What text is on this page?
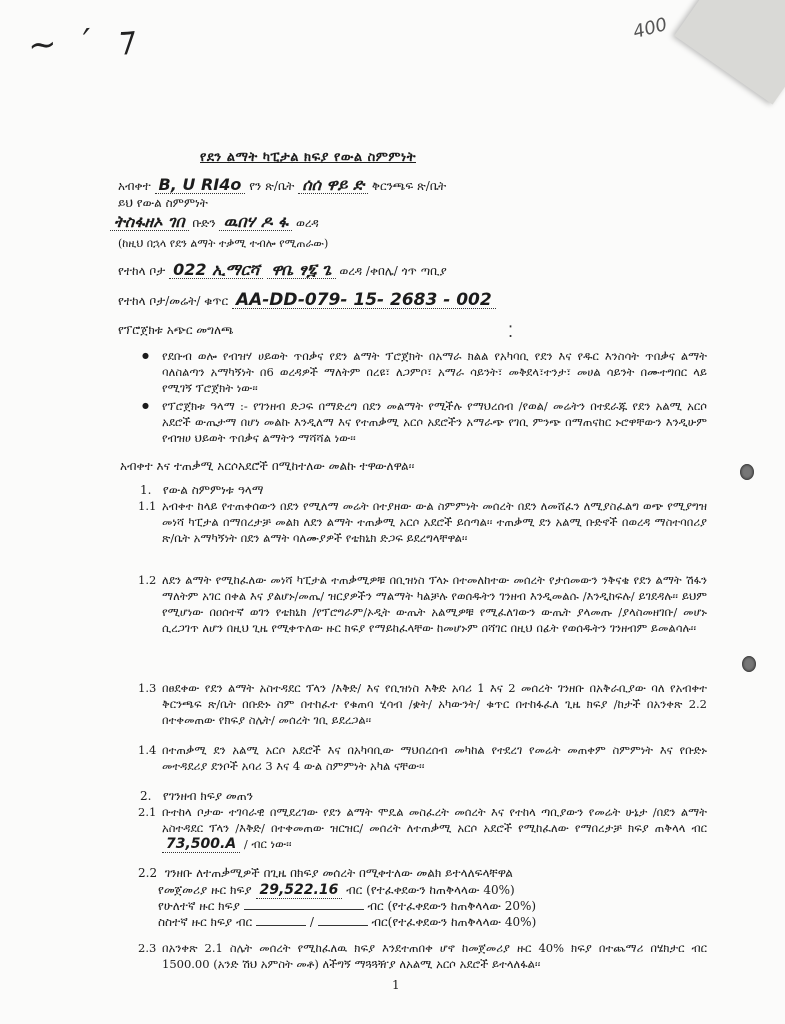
~ ′ ⁊	400
የደን ልማት ካፒታል ክፍያ የውል ስምምነት
አብቀተ B, U RI4o የን ጽ/ቤት ሰሰ ዋይ ድ ቅርንጫፍ ጽ/ቤት
ይህ የውል ስምምነት
ትስፋዘኦ ገበ ቡድን ዉበሃ ዶ ፋ ወረዳ
(ከዚህ በኋላ የደን ልማት ተቃሚ ተብሎ የሚጠራው)
የተከላ ቦታ 022 ኢማርሻ ዋቤ ፃ፯ ጌ ወረዳ /ቀበሌ/ ጎጥ ጣቢያ
የተከላ ቦታ/መሬት/ ቁጥር AA-DD-079- 15- 2683 - 002
የፕሮጀክቱ አጭር መግለጫ	⁚
● የደቡብ ወሎ የብዝሃ ሀይወት ጥበቃና የደን ልማት ፕሮጀክት በአማራ ክልል የአካባቢ የደን እና የዱር እንስሳት ጥበቃና ልማት ባለስልጣን አማካኝነት በ6 ወረዳዎች ማለትም በረዩ፣ ለጋምቦ፣ አማራ ሳይንት፣ መቅደላ፣ተንታ፣ መሀል ሳይንት በሙተግበር ላይ የሚገኝ ፕሮጀክት ነው፡፡
● የፕሮጀክቱ ዓላማ :- የገንዘብ ድጋፍ በማድረግ በደን መልማት የሚችሉ የማህረሰብ /የወል/ መሬትን በተደራጁ የደን አልሚ አርሶ አደሮች ውጤታማ በሆነ መልኩ እንዲለማ እና የተጠቃሚ አርሶ አደሮችን አማራጭ የገቢ ምንጭ በማጠናከር ኑሮዋቸውን እንዲሁም የብዝሀ ህይወት ጥበቃና ልማትን ማሻሻል ነው፡፡
አብቀተ እና ተጠቃሚ አርሶአደሮች በሚከተለው መልኩ ተዋውለዋል፡፡
1. የውል ስምምነቱ ዓላማ
1.1 አብቀተ ከላይ የተጠቀሰውን በደን የሚለማ መሬት በተያዘው ውል ስምምነት መሰረት በደን ለመሸፈን ለሚያስፈልግ ወጭ የሚያግዝ መነሻ ካፒታል በማበረታቻ መልክ ለደን ልማት ተጠቃሚ አርሶ አደሮች ይሰጣል፡፡ ተጠቃሚ ደን አልሚ ቡድኖች በወረዳ ማስተባበሪያ ጽ/ቤት አማካኝነት በደን ልማት ባለሙያዎች የቴክኒክ ድጋፍ ይደረግላቸዋል፡፡
1.2 ለደን ልማት የሚከፈለው መነሻ ካፒታል ተጠቃሚዎቹ በቢዝነስ ፕላኑ በተመለከተው መሰረት የታሰመውን ንቅናቄ የደን ልማት ሽፋን ማለትም አገር በቀል እና ያልሆኑ/መጤ/ ዝርያዎችን ማልማት ካልቻሉ የወሰዱትን ገንዘብ እንዲመልሱ /እንዲከፍሉ/ ይገደዳሉ፡፡ ይህም የሚሆነው በዐሰተኛ ወገን የቴክኒክ /የፕሮግራም/ኦዲት ውጤት አልሚዎቹ የሚፈለገውን ውጤት ያላመጡ /ያላስመዘገቡ/ መሆኑ ሲረጋገጥ ለሆን በዚህ ጊዜ የሚቀጥለው ዙር ክፍያ የማይከፈላቸው ከመሆኑም በሻገር በዚህ በፊት የወሰዱትን ገንዘብም ይመልሳሉ፡፡
1.3 በፀደቀው የደን ልማት አስተዳደር ፕላን /እቅድ/ እና የቢዝነስ እቅድ አባሪ 1 እና 2 መሰረት ገንዘቡ በአቅራቢያው ባለ የአብቀተ ቅርንጫፍ ጽ/ቤት በቡድኑ ስም በተከፈተ የቁጠባ ሂሳብ /ቋት/ አካውንት/ ቁጥር በተከፋፈለ ጊዜ ክፍያ /ከታች በአንቀጽ 2.2 በተቀመጠው የክፍያ ስሌት/ መሰረት ገቢ ይደረጋል፡፡
1.4 በተጠቃሚ ደን አልሚ አርሶ አደሮች እና በአካባቢው ማህበረሰብ መካከል የተደረገ የመሬት መጠቀም ስምምነት እና የቡድኑ መተዳደሪያ ደንቦች አባሪ 3 እና 4 ውል ስምምነት አካል ናቸው፡፡
2. የገንዘብ ክፍያ መጠን
2.1 ቡተከላ ቦታው ተገባራዊ በሚደረገው የደን ልማት ሞዴል መስፈረት መሰረት እና የተከላ ጣቢያውን የመሬት ሁኔታ /በደን ልማት አስተዳደር ፕላን /እቅድ/ በተቀመጠው ዝርዝር/ መሰረት ለተጠቃሚ አርሶ አደሮች የሚከፈለው የማበረታቻ ክፍያ ጠቅላላ ብር 73,500.A / ብር ነው፡፡
2.2 ገንዘቡ ለተጠቃሚዎች በጊዜ በክፍያ መሰረት በሚቀተለው መልክ ይተላለፍላቸዋል
የመጀመሪያ ዙር ክፍያ 29,522.16 ብር (የተፈቀደውን ከጠቅላላው 40%)
የሁለተኛ ዙር ክፍያ	ብር (የተፈቀደውን ከጠቅላላው 20%)
ስስተኛ ዙር ክፍያ ብር	/	ብር(የተፈቀደውን ከጠቅላላው 40%)
2.3 በአንቀጽ 2.1 ስሌት መሰረት የሚከፈለዉ ክፍያ እንደተጠበቀ ሆኖ ከመጀመሪያ ዙር 40% ክፍያ በተጨማሪ በሄክታር ብር 1500.00 (አንድ ሽህ አምስት መቶ) ለችግኝ ማጓጓዥያ ለአልሚ አርሶ አደሮች ይተላለፋል፡፡
1
